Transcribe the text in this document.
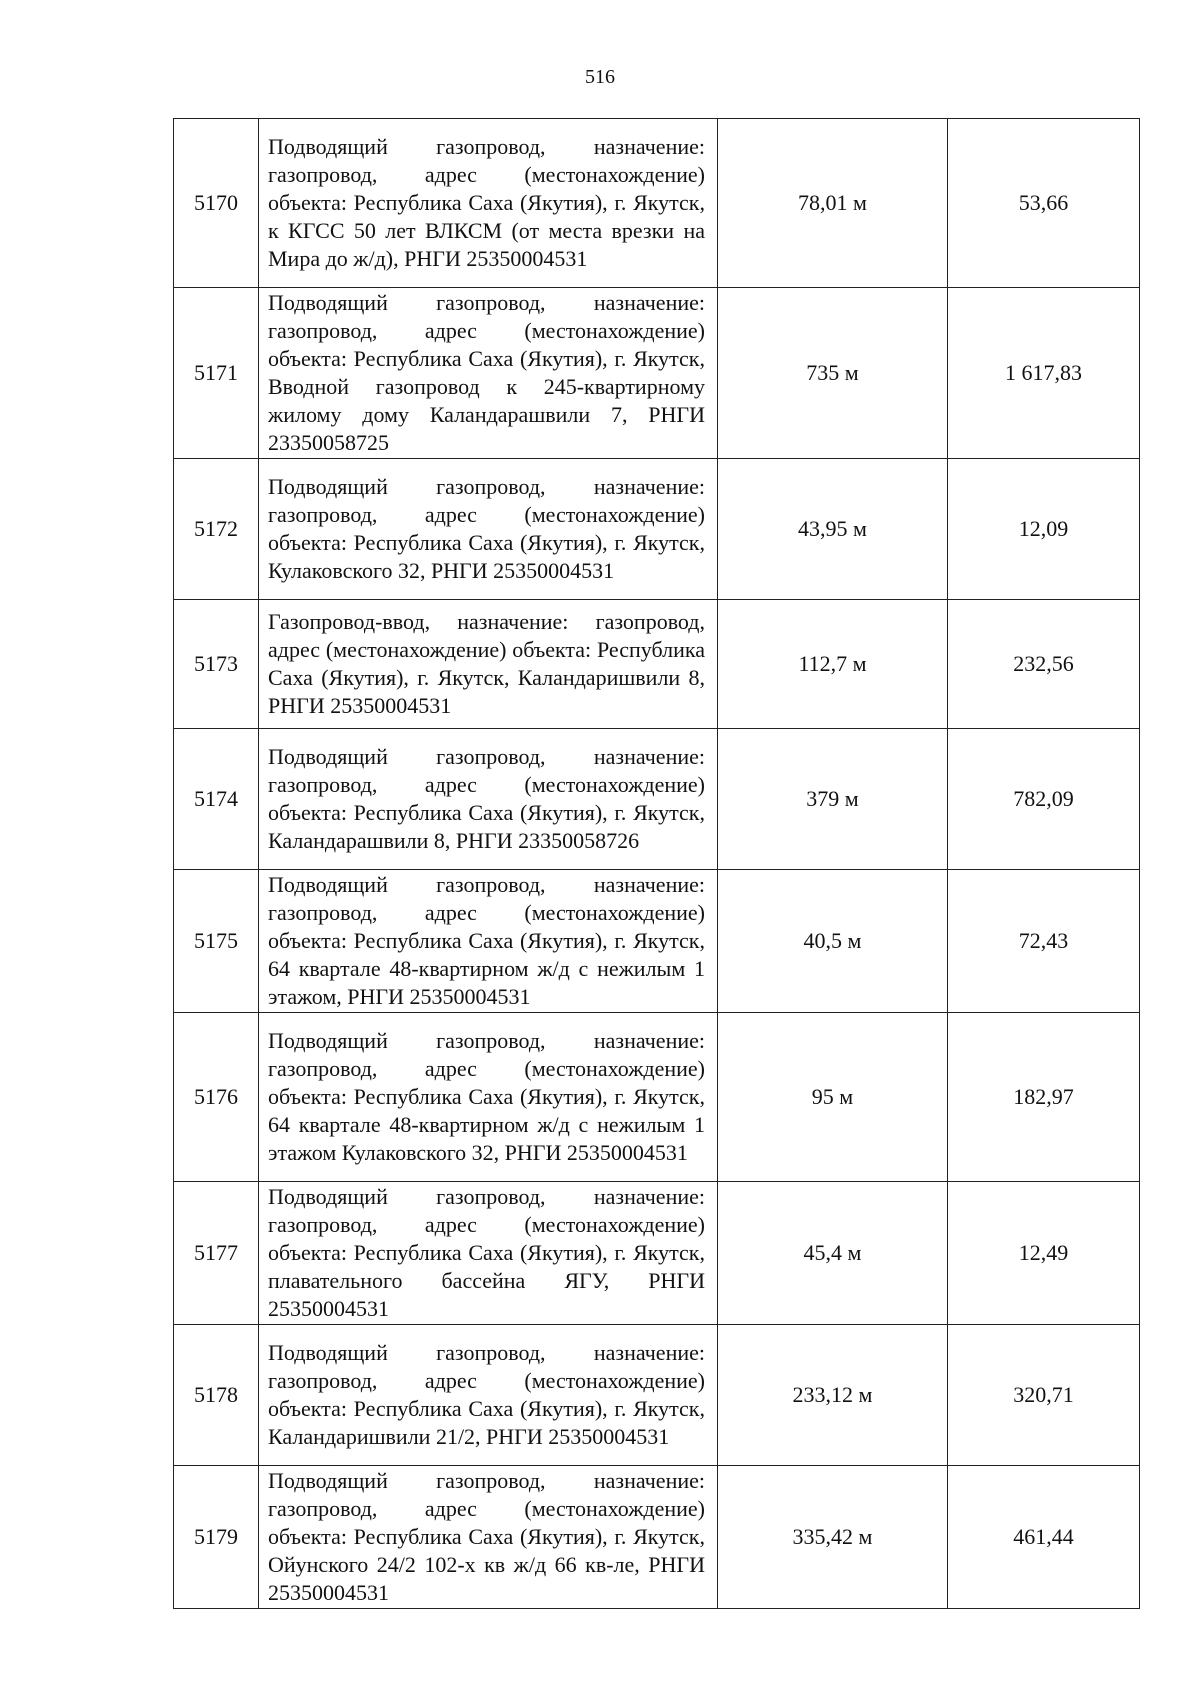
516
5170	Подводящий газопровод, назначение: газопровод, адрес (местонахождение) объекта: Республика Саха (Якутия), г. Якутск, к КГСС 50 лет ВЛКСМ (от места врезки на Мира до ж/д), РНГИ 25350004531	78,01 м	53,66
5171	Подводящий газопровод, назначение: газопровод, адрес (местонахождение) объекта: Республика Саха (Якутия), г. Якутск, Вводной газопровод к 245-квартирному жилому дому Каландарашвили 7, РНГИ 23350058725	735 м	1 617,83
5172	Подводящий газопровод, назначение: газопровод, адрес (местонахождение) объекта: Республика Саха (Якутия), г. Якутск, Кулаковского 32, РНГИ 25350004531	43,95 м	12,09
5173	Газопровод-ввод, назначение: газопровод, адрес (местонахождение) объекта: Республика Саха (Якутия), г. Якутск, Каландаришвили 8, РНГИ 25350004531	112,7 м	232,56
5174	Подводящий газопровод, назначение: газопровод, адрес (местонахождение) объекта: Республика Саха (Якутия), г. Якутск, Каландарашвили 8, РНГИ 23350058726	379 м	782,09
5175	Подводящий газопровод, назначение: газопровод, адрес (местонахождение) объекта: Республика Саха (Якутия), г. Якутск, 64 квартале 48-квартирном ж/д с нежилым 1 этажом, РНГИ 25350004531	40,5 м	72,43
5176	Подводящий газопровод, назначение: газопровод, адрес (местонахождение) объекта: Республика Саха (Якутия), г. Якутск, 64 квартале 48-квартирном ж/д с нежилым 1 этажом Кулаковского 32, РНГИ 25350004531	95 м	182,97
5177	Подводящий газопровод, назначение: газопровод, адрес (местонахождение) объекта: Республика Саха (Якутия), г. Якутск, плавательного бассейна ЯГУ, РНГИ 25350004531	45,4 м	12,49
5178	Подводящий газопровод, назначение: газопровод, адрес (местонахождение) объекта: Республика Саха (Якутия), г. Якутск, Каландаришвили 21/2, РНГИ 25350004531	233,12 м	320,71
5179	Подводящий газопровод, назначение: газопровод, адрес (местонахождение) объекта: Республика Саха (Якутия), г. Якутск, Ойунского 24/2 102-х кв ж/д 66 кв-ле, РНГИ 25350004531	335,42 м	461,44
